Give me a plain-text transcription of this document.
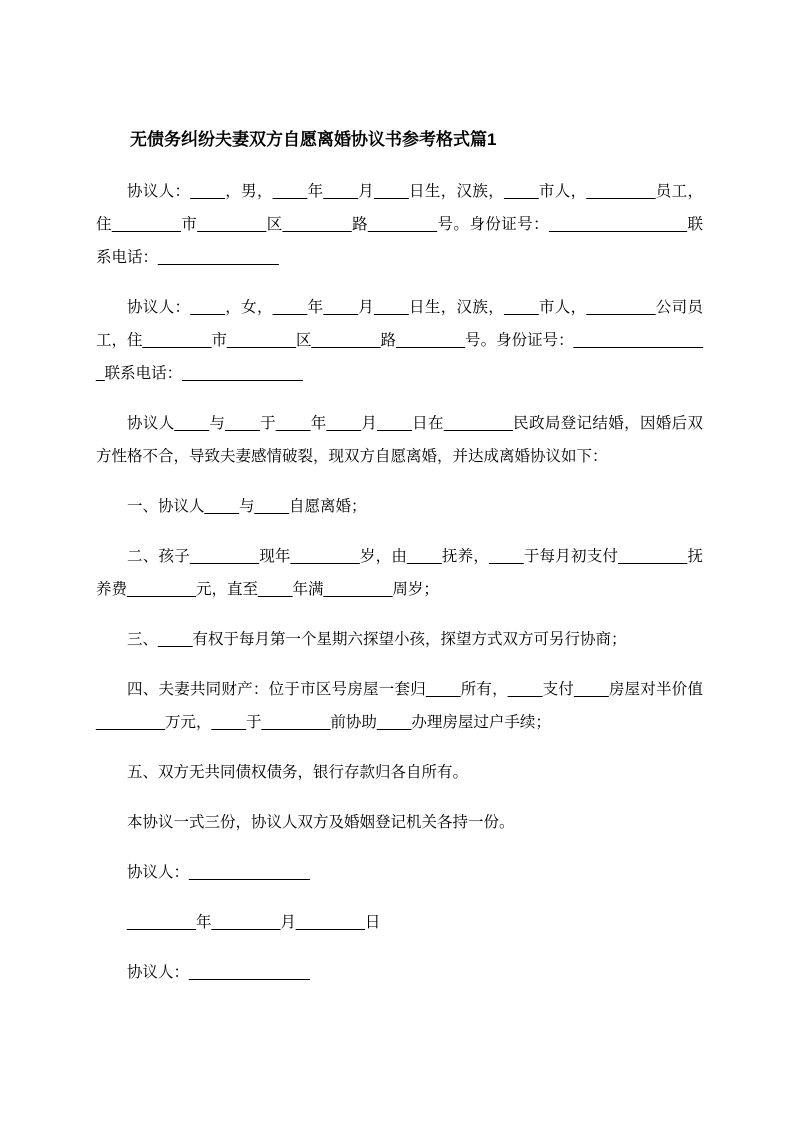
无债务纠纷夫妻双方自愿离婚协议书参考格式篇1

协议人：____，男，____年____月____日生，汉族，____市人，________员工，住________市________区________路________号。身份证号：________________联系电话：______________

协议人：____，女，____年____月____日生，汉族，____市人，________公司员工，住________市________区________路________号。身份证号：________________联系电话：______________

协议人____与____于____年____月____日在________民政局登记结婚，因婚后双方性格不合，导致夫妻感情破裂，现双方自愿离婚，并达成离婚协议如下：

一、协议人____与____自愿离婚；

二、孩子________现年________岁，由____抚养，____于每月初支付________抚养费________元，直至____年满________周岁；

三、____有权于每月第一个星期六探望小孩，探望方式双方可另行协商；

四、夫妻共同财产：位于市区号房屋一套归____所有，____支付____房屋对半价值________万元，____于________前协助____办理房屋过户手续；

五、双方无共同债权债务，银行存款归各自所有。

本协议一式三份，协议人双方及婚姻登记机关各持一份。

协议人：______________

________年________月________日

协议人：______________
